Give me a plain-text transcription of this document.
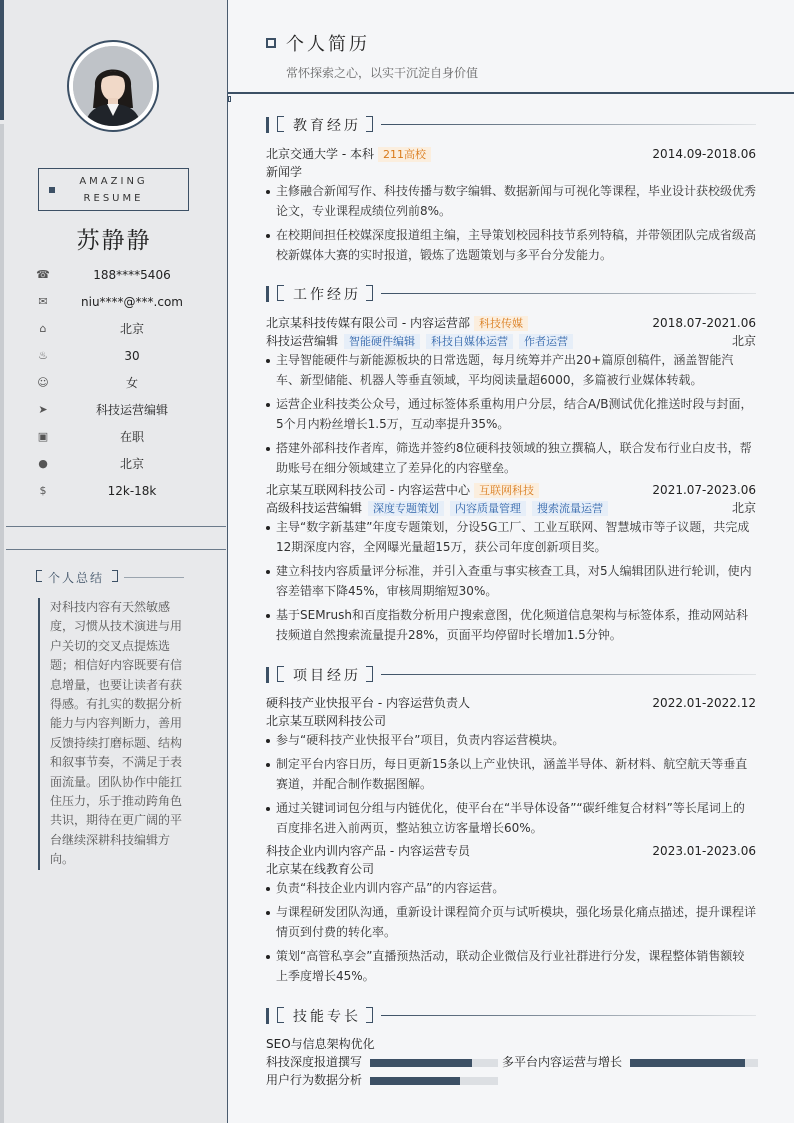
AMAZING
RESUME
苏静静
☎	188****5406
✉	niu****@***.com
⌂	北京
♨	30
☺	女
➤	科技运营编辑
▣	在职
●	北京
$	12k-18k
个人总结
对科技内容有天然敏感度，习惯从技术演进与用户关切的交叉点提炼选题；相信好内容既要有信息增量，也要让读者有获得感。有扎实的数据分析能力与内容判断力，善用反馈持续打磨标题、结构和叙事节奏，不满足于表面流量。团队协作中能扛住压力，乐于推动跨角色共识，期待在更广阔的平台继续深耕科技编辑方向。
个人简历
常怀探索之心，以实干沉淀自身价值
教育经历
北京交通大学 - 本科 211高校	2014.09-2018.06
新闻学
主修融合新闻写作、科技传播与数字编辑、数据新闻与可视化等课程，毕业设计获校级优秀论文，专业课程成绩位列前8%。
在校期间担任校媒深度报道组主编，主导策划校园科技节系列特稿，并带领团队完成省级高校新媒体大赛的实时报道，锻炼了选题策划与多平台分发能力。
工作经历
北京某科技传媒有限公司 - 内容运营部 科技传媒	2018.07-2021.06
科技运营编辑 智能硬件编辑 科技自媒体运营 作者运营	北京
主导智能硬件与新能源板块的日常选题，每月统筹并产出20+篇原创稿件，涵盖智能汽车、新型储能、机器人等垂直领域，平均阅读量超6000，多篇被行业媒体转载。
运营企业科技类公众号，通过标签体系重构用户分层，结合A/B测试优化推送时段与封面，5个月内粉丝增长1.5万，互动率提升35%。
搭建外部科技作者库，筛选并签约8位硬科技领域的独立撰稿人，联合发布行业白皮书，帮助账号在细分领域建立了差异化的内容壁垒。
北京某互联网科技公司 - 内容运营中心 互联网科技	2021.07-2023.06
高级科技运营编辑 深度专题策划 内容质量管理 搜索流量运营	北京
主导“数字新基建”年度专题策划，分设5G工厂、工业互联网、智慧城市等子议题，共完成12期深度内容，全网曝光量超15万，获公司年度创新项目奖。
建立科技内容质量评分标准，并引入查重与事实核查工具，对5人编辑团队进行轮训，使内容差错率下降45%，审核周期缩短30%。
基于SEMrush和百度指数分析用户搜索意图，优化频道信息架构与标签体系，推动网站科技频道自然搜索流量提升28%，页面平均停留时长增加1.5分钟。
项目经历
硬科技产业快报平台 - 内容运营负责人	2022.01-2022.12
北京某互联网科技公司
参与“硬科技产业快报平台”项目，负责内容运营模块。
制定平台内容日历，每日更新15条以上产业快讯，涵盖半导体、新材料、航空航天等垂直赛道，并配合制作数据图解。
通过关键词词包分组与内链优化，使平台在“半导体设备”“碳纤维复合材料”等长尾词上的百度排名进入前两页，整站独立访客量增长60%。
科技企业内训内容产品 - 内容运营专员	2023.01-2023.06
北京某在线教育公司
负责“科技企业内训内容产品”的内容运营。
与课程研发团队沟通，重新设计课程简介页与试听模块，强化场景化痛点描述，提升课程详情页到付费的转化率。
策划“高管私享会”直播预热活动，联动企业微信及行业社群进行分发，课程整体销售额较上季度增长45%。
技能专长
SEO与信息架构优化
科技深度报道撰写	多平台内容运营与增长
用户行为数据分析
